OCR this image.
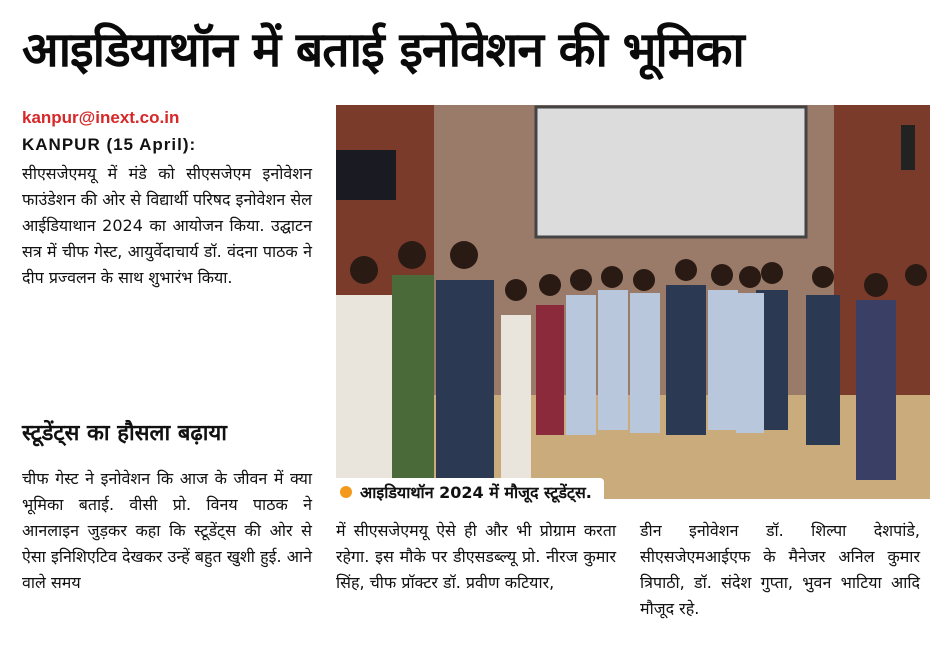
आइडियाथॉन में बताई इनोवेशन की भूमिका
kanpur@inext.co.in
KANPUR (15 April):
सीएसजेएमयू में मंडे को सीएसजेएम इनोवेशन फाउंडेशन की ओर से विद्यार्थी परिषद इनोवेशन सेल आईडियाथान 2024 का आयोजन किया. उद्घाटन सत्र में चीफ गेस्ट, आयुर्वेदाचार्य डॉ. वंदना पाठक ने दीप प्रज्वलन के साथ शुभारंभ किया.
स्टूडेंट्स का हौसला बढ़ाया
चीफ गेस्ट ने इनोवेशन कि आज के जीवन में क्या भूमिका बताई. वीसी प्रो. विनय पाठक ने आनलाइन जुड़कर कहा कि स्टूडेंट्स की ओर से ऐसा इनिशिएटिव देखकर उन्हें बहुत खुशी हुई. आने वाले समय
आइडियाथॉन 2024 में मौजूद स्टूडेंट्स.
में सीएसजेएमयू ऐसे ही और भी प्रोग्राम करता रहेगा. इस मौके पर डीएसडब्ल्यू प्रो. नीरज कुमार सिंह, चीफ प्रॉक्टर डॉ. प्रवीण कटियार,
डीन इनोवेशन डॉ. शिल्पा देशपांडे, सीएसजेएमआईएफ के मैनेजर अनिल कुमार त्रिपाठी, डॉ. संदेश गुप्ता, भुवन भाटिया आदि मौजूद रहे.
